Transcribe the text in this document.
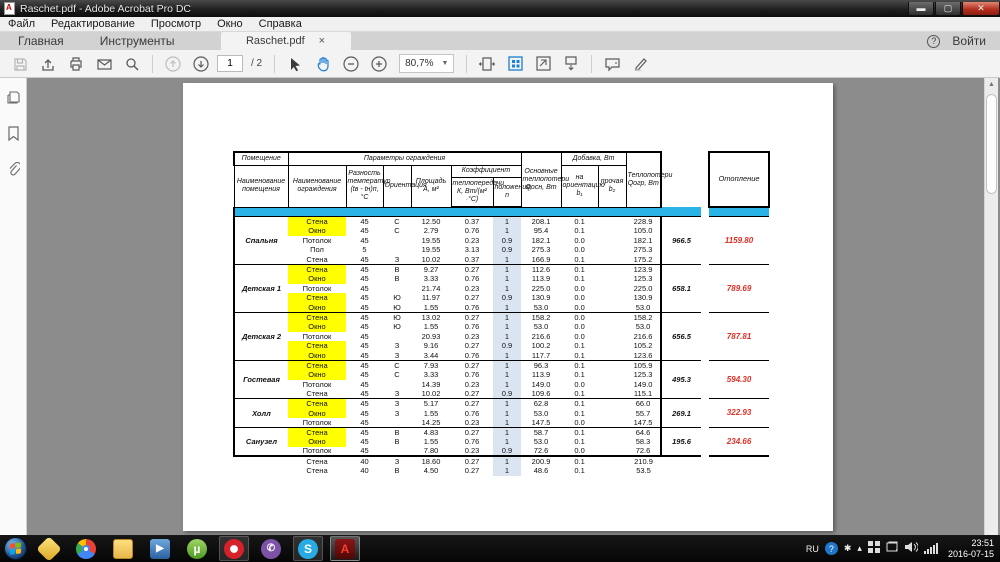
A
Raschet.pdf - Adobe Acrobat Pro DC	▬	▢	✕
Файл	Редактирование	Просмотр	Окно	Справка
Главная	Инструменты	Raschet.pdf ×	?	Войти
1
/ 2	80,7% ▼
Помещение	Параметры ограждения						Основные теплопотери Qосн, Вт	Добавка, Вт		Теплопотери Qогр, Вт			Отопление
Наименование помещения	Наименование ограждения	Разность температур (tв - tн)п, °С	Ориентация	Площадь А, м²	Коэффициент			на ориентацию b₁	прочая b₂				
					теплопередачи К, Вт/(м² ·°С)	положения, n							

Спальня	Стена	45	С	12.50	0.37	1	208.1	0.1		228.9	966.5		1159.80
	Окно	45	С	2.79	0.76	1	95.4	0.1		105.0			
	Потолок	45		19.55	0.23	0.9	182.1	0.0		182.1			
	Пол	5		19.55	3.13	0.9	275.3	0.0		275.3			
	Стена	45	З	10.02	0.37	1	166.9	0.1		175.2			
Детская 1	Стена	45	В	9.27	0.27	1	112.6	0.1		123.9	658.1		789.69
	Окно	45	В	3.33	0.76	1	113.9	0.1		125.3			
	Потолок	45		21.74	0.23	1	225.0	0.0		225.0			
	Стена	45	Ю	11.97	0.27	0.9	130.9	0.0		130.9			
	Окно	45	Ю	1.55	0.76	1	53.0	0.0		53.0			
Детская 2	Стена	45	Ю	13.02	0.27	1	158.2	0.0		158.2	656.5		787.81
	Окно	45	Ю	1.55	0.76	1	53.0	0.0		53.0			
	Потолок	45		20.93	0.23	1	216.6	0.0		216.6			
	Стена	45	З	9.16	0.27	0.9	100.2	0.1		105.2			
	Окно	45	З	3.44	0.76	1	117.7	0.1		123.6			
Гостевая	Стена	45	С	7.93	0.27	1	96.3	0.1		105.9	495.3		594.30
	Окно	45	С	3.33	0.76	1	113.9	0.1		125.3			
	Потолок	45		14.39	0.23	1	149.0	0.0		149.0			
	Стена	45	З	10.02	0.27	0.9	109.6	0.1		115.1			
Холл	Стена	45	З	5.17	0.27	1	62.8	0.1		66.0	269.1		322.93
	Окно	45	З	1.55	0.76	1	53.0	0.1		55.7			
	Потолок	45		14.25	0.23	1	147.5	0.0		147.5			
Санузел	Стена	45	В	4.83	0.27	1	58.7	0.1		64.6	195.6		234.66
	Окно	45	В	1.55	0.76	1	53.0	0.1		58.3			
	Потолок	45		7.80	0.23	0.9	72.6	0.0		72.6			
	Стена	40	З	18.60	0.27	1	200.9	0.1		210.9			
	Стена	40	В	4.50	0.27	1	48.6	0.1		53.5			
▲
▶	µ	✆	S	A	RU	?	✱ ▴
23:51
2016-07-15
